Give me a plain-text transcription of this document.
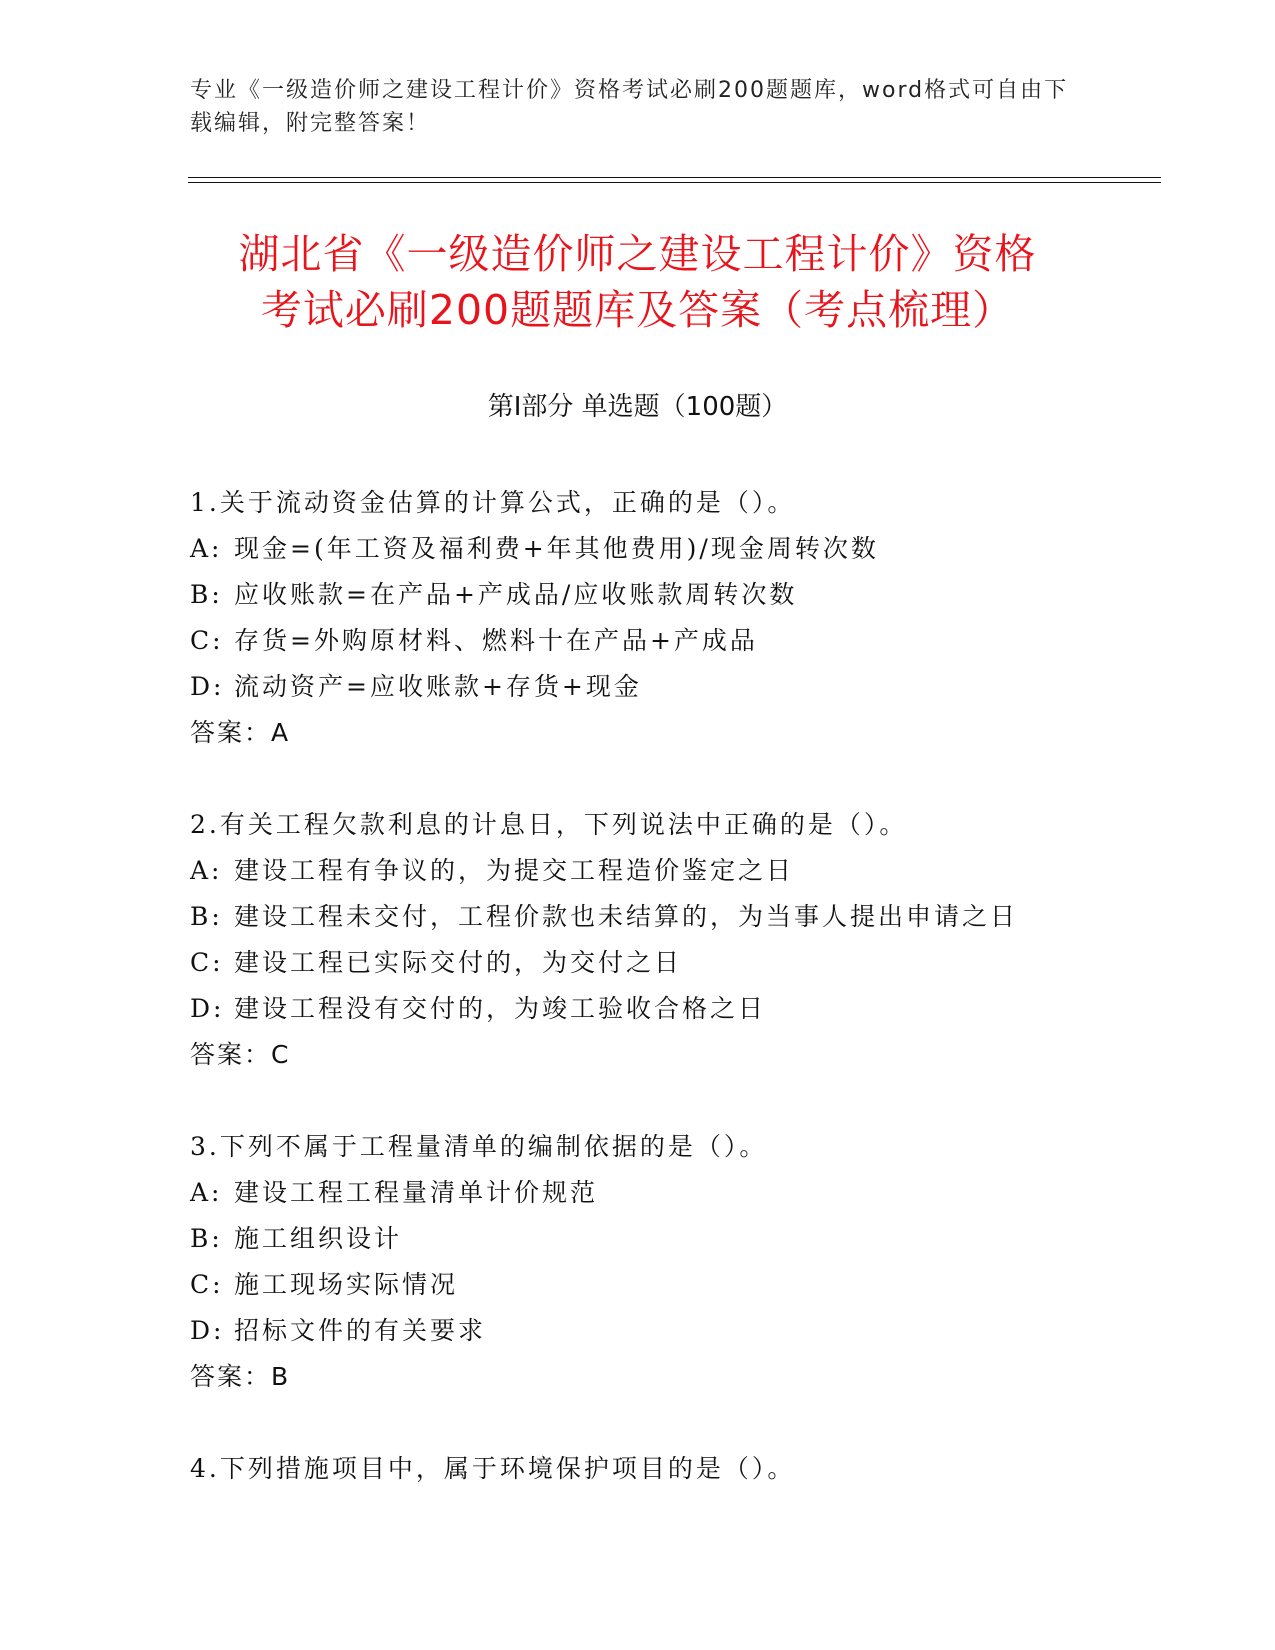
专业《一级造价师之建设工程计价》资格考试必刷200题题库，word格式可自由下载编辑，附完整答案！
湖北省《一级造价师之建设工程计价》资格
考试必刷200题题库及答案（考点梳理）
第Ⅰ部分 单选题（100题）
1.关于流动资金估算的计算公式，正确的是（）。
A: 现金=(年工资及福利费+年其他费用)/现金周转次数
B: 应收账款=在产品+产成品/应收账款周转次数
C: 存货=外购原材料、燃料十在产品+产成品
D: 流动资产=应收账款+存货+现金
答案：A
2.有关工程欠款利息的计息日，下列说法中正确的是（）。
A: 建设工程有争议的，为提交工程造价鉴定之日
B: 建设工程未交付，工程价款也未结算的，为当事人提出申请之日
C: 建设工程已实际交付的，为交付之日
D: 建设工程没有交付的，为竣工验收合格之日
答案：C
3.下列不属于工程量清单的编制依据的是（）。
A: 建设工程工程量清单计价规范
B: 施工组织设计
C: 施工现场实际情况
D: 招标文件的有关要求
答案：B
4.下列措施项目中，属于环境保护项目的是（）。
